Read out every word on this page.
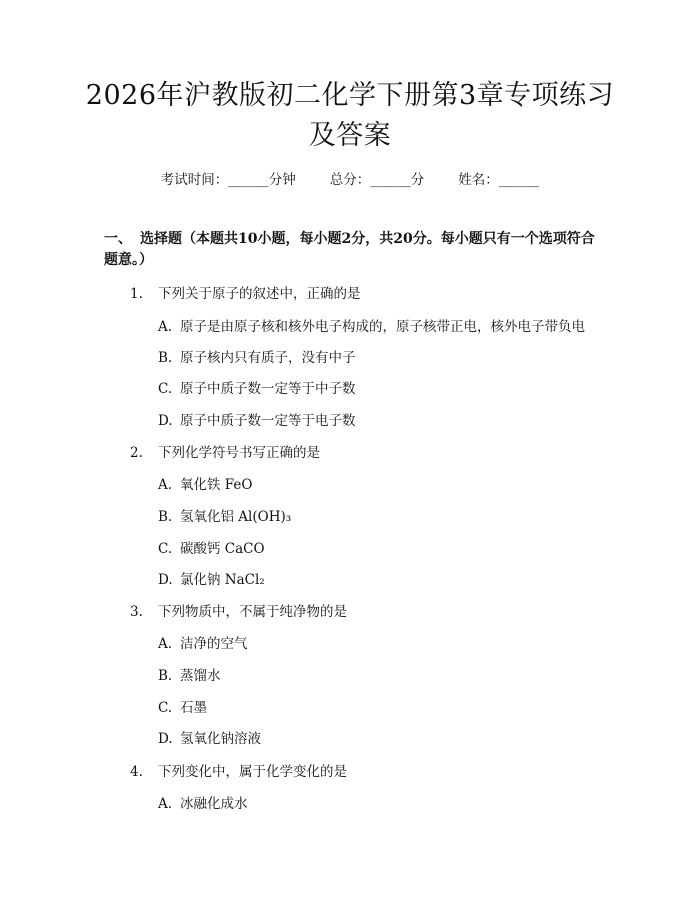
2026年沪教版初二化学下册第3章专项练习
及答案
考试时间：______分钟	总分：______分	姓名：______
一、 选择题（本题共10小题，每小题2分，共20分。每小题只有一个选项符合
题意。）
1. 下列关于原子的叙述中，正确的是
A. 原子是由原子核和核外电子构成的，原子核带正电，核外电子带负电
B. 原子核内只有质子，没有中子
C. 原子中质子数一定等于中子数
D. 原子中质子数一定等于电子数
2. 下列化学符号书写正确的是
A. 氧化铁 FeO
B. 氢氧化铝 Al(OH)₃
C. 碳酸钙 CaCO
D. 氯化钠 NaCl₂
3. 下列物质中，不属于纯净物的是
A. 洁净的空气
B. 蒸馏水
C. 石墨
D. 氢氧化钠溶液
4. 下列变化中，属于化学变化的是
A. 冰融化成水
